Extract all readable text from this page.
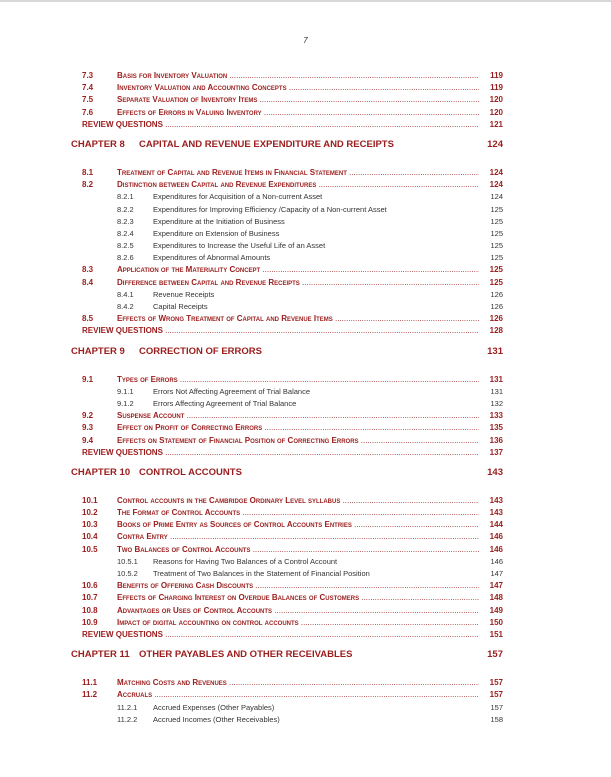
7
7.3	Basis for Inventory Valuation .....	119
7.4	Inventory Valuation and Accounting Concepts .....	119
7.5	Separate Valuation of Inventory Items .....	120
7.6	Effects of Errors in Valuing Inventory .....	120
REVIEW QUESTIONS .....	121
CHAPTER 8 CAPITAL AND REVENUE EXPENDITURE AND RECEIPTS	124
8.1	Treatment of Capital and Revenue Items in Financial Statement .....	124
8.2	Distinction between Capital and Revenue Expenditures .....	124
8.2.1	Expenditures for Acquisition of a Non-current Asset	124
8.2.2	Expenditures for Improving Efficiency /Capacity of a Non-current Asset	125
8.2.3	Expenditure at the Initiation of Business	125
8.2.4	Expenditure on Extension of Business	125
8.2.5	Expenditures to Increase the Useful Life of an Asset	125
8.2.6	Expenditures of Abnormal Amounts	125
8.3	Application of the Materiality Concept .....	125
8.4	Difference between Capital and Revenue Receipts .....	125
8.4.1	Revenue Receipts	126
8.4.2	Capital Receipts	126
8.5	Effects of Wrong Treatment of Capital and Revenue Items .....	126
REVIEW QUESTIONS .....	128
CHAPTER 9 CORRECTION OF ERRORS	131
9.1	Types of Errors .....	131
9.1.1	Errors Not Affecting Agreement of Trial Balance	131
9.1.2	Errors Affecting Agreement of Trial Balance	132
9.2	Suspense Account .....	133
9.3	Effect on Profit of Correcting Errors .....	135
9.4	Effects on Statement of Financial Position of Correcting Errors .....	136
REVIEW QUESTIONS .....	137
CHAPTER 10 CONTROL ACCOUNTS	143
10.1 Control accounts in the Cambridge Ordinary Level syllabus .....	143
10.2 The Format of Control Accounts .....	143
10.3 Books of Prime Entry as Sources of Control Accounts Entries .....	144
10.4 Contra Entry .....	146
10.5 Two Balances of Control Accounts .....	146
10.5.1 Reasons for Having Two Balances of a Control Account	146
10.5.2 Treatment of Two Balances in the Statement of Financial Position	147
10.6 Benefits of Offering Cash Discounts .....	147
10.7 Effects of Charging Interest on Overdue Balances of Customers .....	148
10.8 Advantages or Uses of Control Accounts .....	149
10.9 Impact of digital accounting on control accounts .....	150
REVIEW QUESTIONS .....	151
CHAPTER 11 OTHER PAYABLES AND OTHER RECEIVABLES	157
11.1 Matching Costs and Revenues .....	157
11.2 Accruals .....	157
11.2.1 Accrued Expenses (Other Payables)	157
11.2.2 Accrued Incomes (Other Receivables)	158
